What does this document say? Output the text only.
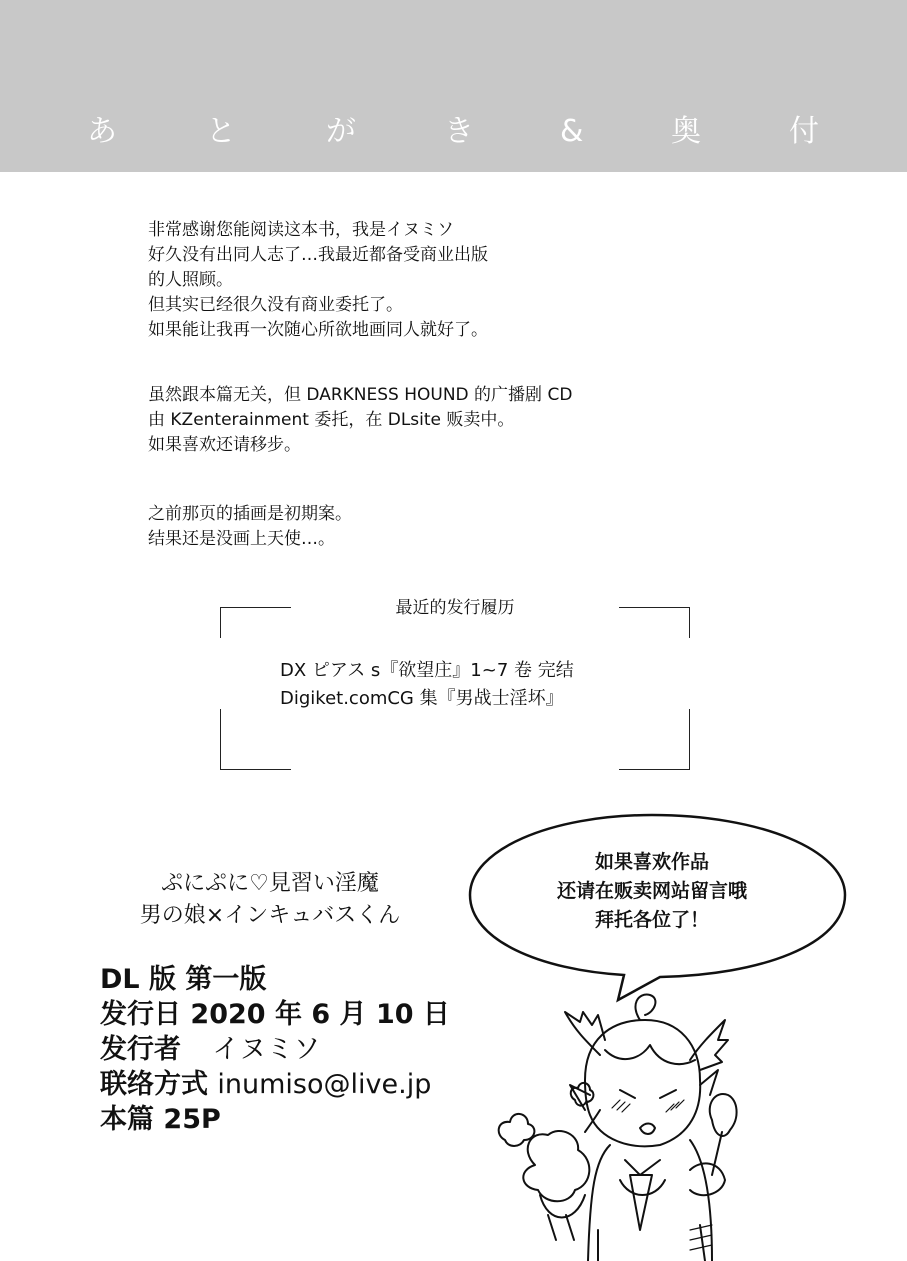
あ	と	が	き	&	奥	付
非常感谢您能阅读这本书，我是イヌミソ
好久没有出同人志了…我最近都备受商业出版
的人照顾。
但其实已经很久没有商业委托了。
如果能让我再一次随心所欲地画同人就好了。
虽然跟本篇无关，但 DARKNESS HOUND 的广播剧 CD
由 KZenterainment 委托，在 DLsite 贩卖中。
如果喜欢还请移步。
之前那页的插画是初期案。
结果还是没画上天使…。
最近的发行履历
DX ピアス s『欲望庄』1~7 卷 完结
Digiket.comCG 集『男战士淫坏』
ぷにぷに♡見習い淫魔
男の娘×インキュバスくん
DL 版 第一版
发行日 2020 年 6 月 10 日
发行者 イヌミソ
联络方式 inumiso@live.jp
本篇 25P
如果喜欢作品
还请在贩卖网站留言哦
拜托各位了！
